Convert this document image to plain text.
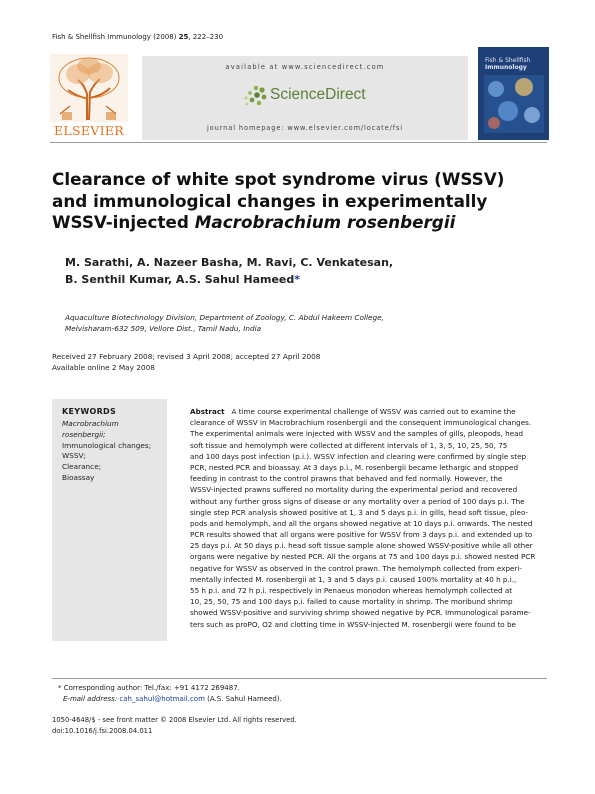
Fish & Shellfish Immunology (2008) 25, 222–230
ELSEVIER
available at www.sciencedirect.com
ScienceDirect
journal homepage: www.elsevier.com/locate/fsi
Fish & Shellfish
Immunology
Clearance of white spot syndrome virus (WSSV)
and immunological changes in experimentally
WSSV-injected Macrobrachium rosenbergii
M. Sarathi, A. Nazeer Basha, M. Ravi, C. Venkatesan,
B. Senthil Kumar, A.S. Sahul Hameed*
Aquaculture Biotechnology Division, Department of Zoology, C. Abdul Hakeem College,
Melvisharam-632 509, Vellore Dist., Tamil Nadu, India
Received 27 February 2008; revised 3 April 2008; accepted 27 April 2008
Available online 2 May 2008
KEYWORDS
Macrobrachium
rosenbergii;
Immunological changes;
WSSV;
Clearance;
Bioassay
Abstract A time course experimental challenge of WSSV was carried out to examine the
clearance of WSSV in Macrobrachium rosenbergii and the consequent immunological changes.
The experimental animals were injected with WSSV and the samples of gills, pleopods, head
soft tissue and hemolymph were collected at different intervals of 1, 3, 5, 10, 25, 50, 75
and 100 days post infection (p.i.). WSSV infection and clearing were confirmed by single step
PCR, nested PCR and bioassay. At 3 days p.i., M. rosenbergii became lethargic and stopped
feeding in contrast to the control prawns that behaved and fed normally. However, the
WSSV-injected prawns suffered no mortality during the experimental period and recovered
without any further gross signs of disease or any mortality over a period of 100 days p.i. The
single step PCR analysis showed positive at 1, 3 and 5 days p.i. in gills, head soft tissue, pleo-
pods and hemolymph, and all the organs showed negative at 10 days p.i. onwards. The nested
PCR results showed that all organs were positive for WSSV from 3 days p.i. and extended up to
25 days p.i. At 50 days p.i. head soft tissue sample alone showed WSSV-positive while all other
organs were negative by nested PCR. All the organs at 75 and 100 days p.i. showed nested PCR
negative for WSSV as observed in the control prawn. The hemolymph collected from experi-
mentally infected M. rosenbergii at 1, 3 and 5 days p.i. caused 100% mortality at 40 h p.i.,
55 h p.i. and 72 h p.i. respectively in Penaeus monodon whereas hemolymph collected at
10, 25, 50, 75 and 100 days p.i. failed to cause mortality in shrimp. The moribund shrimp
showed WSSV-positive and surviving shrimp showed negative by PCR. Immunological parame-
ters such as proPO, O2 and clotting time in WSSV-injected M. rosenbergii were found to be
* Corresponding author: Tel./fax: +91 4172 269487.
E-mail address: cah_sahul@hotmail.com (A.S. Sahul Hameed).
1050-4648/$ - see front matter © 2008 Elsevier Ltd. All rights reserved.
doi:10.1016/j.fsi.2008.04.011
